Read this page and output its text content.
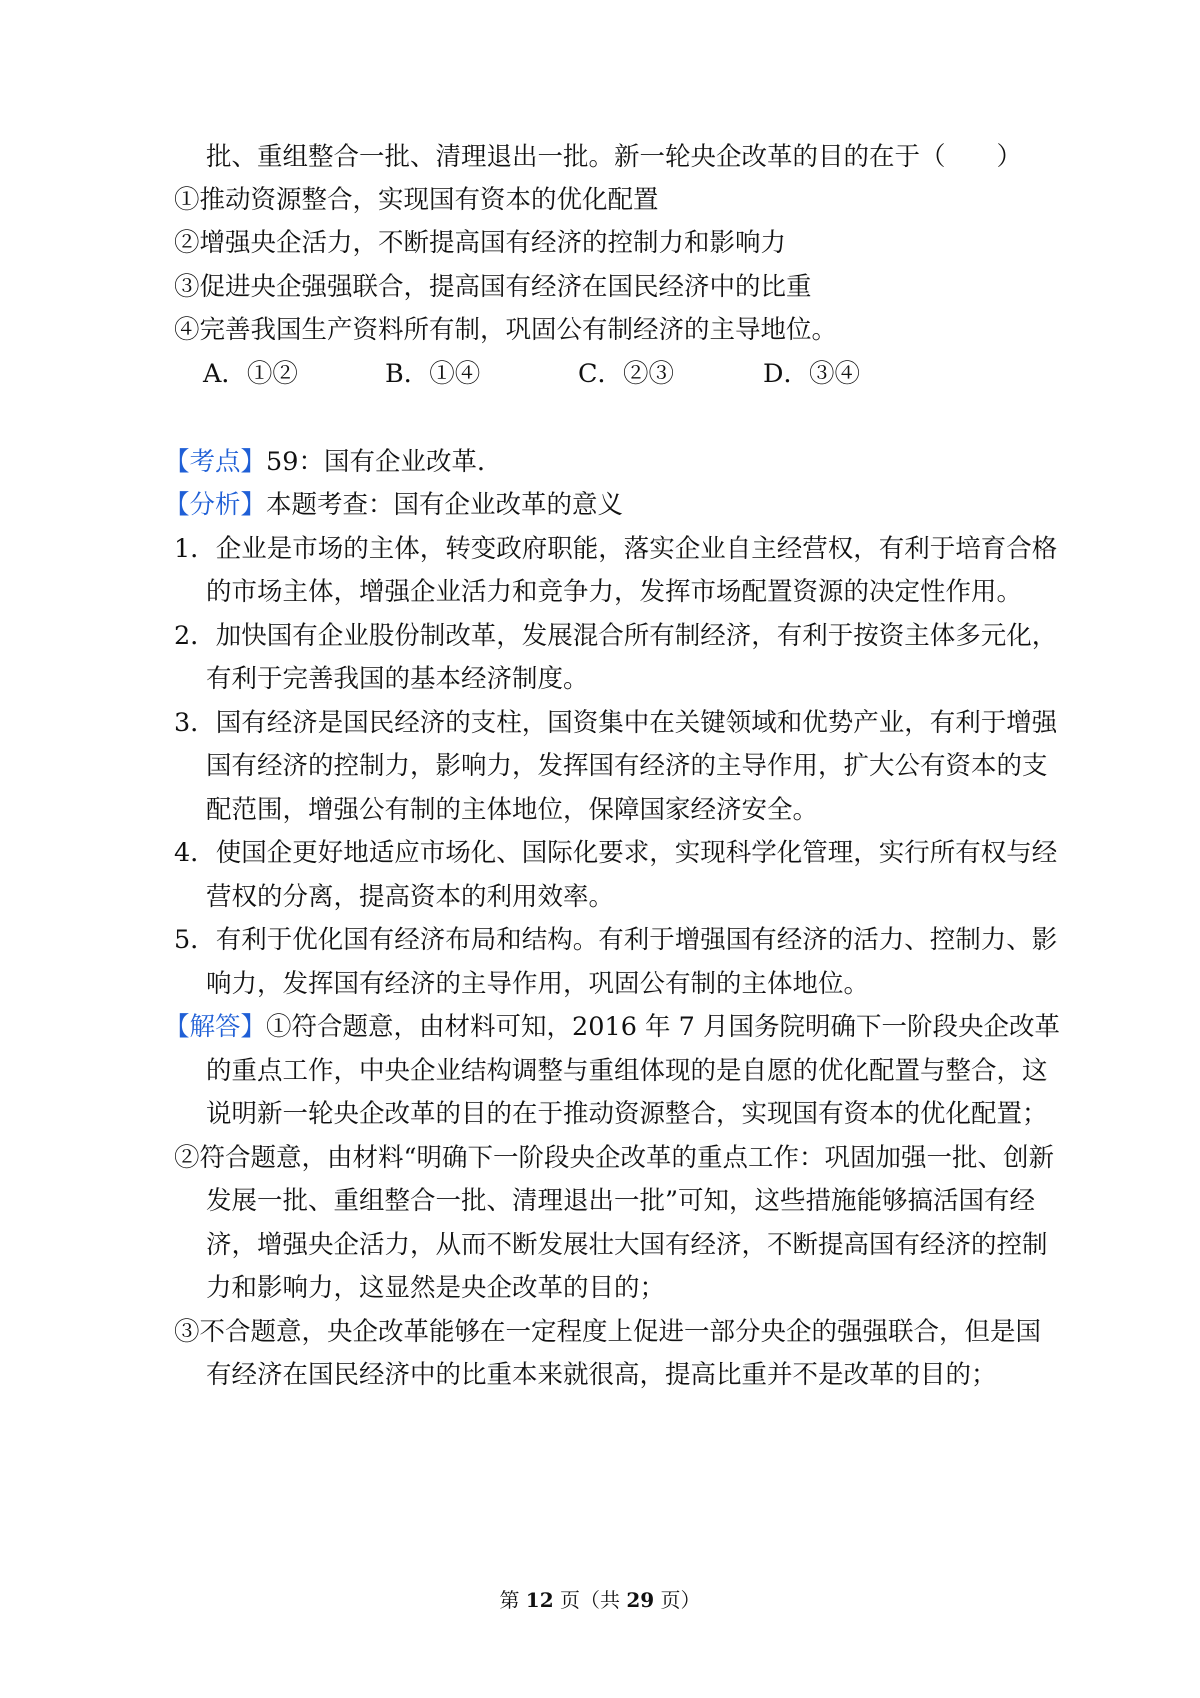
批、重组整合一批、清理退出一批。新一轮央企改革的目的在于（　　）
①推动资源整合，实现国有资本的优化配置
②增强央企活力，不断提高国有经济的控制力和影响力
③促进央企强强联合，提高国有经济在国民经济中的比重
④完善我国生产资料所有制，巩固公有制经济的主导地位。
A．①②	B．①④	C．②③	D．③④
【考点】59：国有企业改革．
【分析】本题考查：国有企业改革的意义
1．企业是市场的主体，转变政府职能，落实企业自主经营权，有利于培育合格
的市场主体，增强企业活力和竞争力，发挥市场配置资源的决定性作用。
2．加快国有企业股份制改革，发展混合所有制经济，有利于按资主体多元化，
有利于完善我国的基本经济制度。
3．国有经济是国民经济的支柱，国资集中在关键领域和优势产业，有利于增强
国有经济的控制力，影响力，发挥国有经济的主导作用，扩大公有资本的支
配范围，增强公有制的主体地位，保障国家经济安全。
4．使国企更好地适应市场化、国际化要求，实现科学化管理，实行所有权与经
营权的分离，提高资本的利用效率。
5．有利于优化国有经济布局和结构。有利于增强国有经济的活力、控制力、影
响力，发挥国有经济的主导作用，巩固公有制的主体地位。
【解答】①符合题意，由材料可知，2016 年 7 月国务院明确下一阶段央企改革
的重点工作，中央企业结构调整与重组体现的是自愿的优化配置与整合，这
说明新一轮央企改革的目的在于推动资源整合，实现国有资本的优化配置；
②符合题意，由材料“明确下一阶段央企改革的重点工作：巩固加强一批、创新
发展一批、重组整合一批、清理退出一批”可知，这些措施能够搞活国有经
济，增强央企活力，从而不断发展壮大国有经济，不断提高国有经济的控制
力和影响力，这显然是央企改革的目的；
③不合题意，央企改革能够在一定程度上促进一部分央企的强强联合，但是国
有经济在国民经济中的比重本来就很高，提高比重并不是改革的目的；
第 12 页（共 29 页）
